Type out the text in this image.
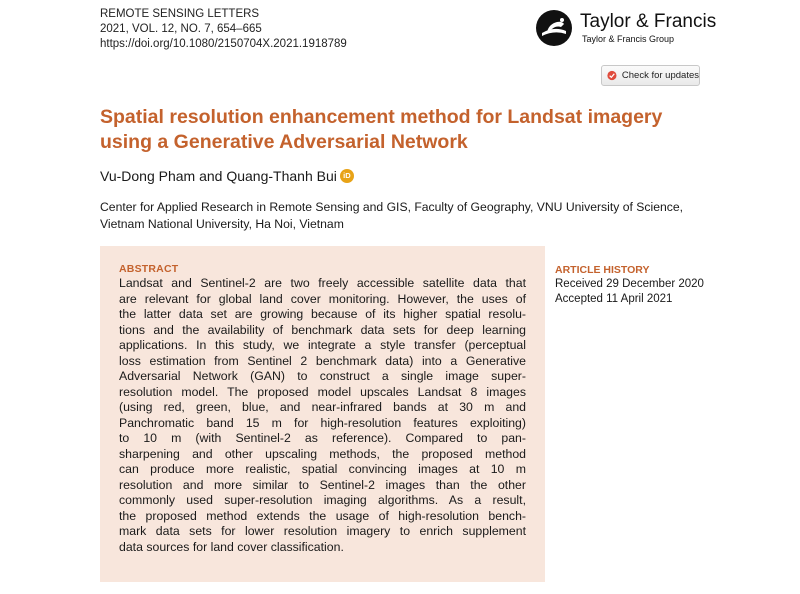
REMOTE SENSING LETTERS
2021, VOL. 12, NO. 7, 654–665
https://doi.org/10.1080/2150704X.2021.1918789
Taylor & Francis
Taylor & Francis Group
Check for updates
Spatial resolution enhancement method for Landsat imagery
using a Generative Adversarial Network
Vu-Dong Pham and Quang-Thanh Bui iD
Center for Applied Research in Remote Sensing and GIS, Faculty of Geography, VNU University of Science,
Vietnam National University, Ha Noi, Vietnam
ABSTRACT
Landsat and Sentinel-2 are two freely accessible satellite data that
are relevant for global land cover monitoring. However, the uses of
the latter data set are growing because of its higher spatial resolu-
tions and the availability of benchmark data sets for deep learning
applications. In this study, we integrate a style transfer (perceptual
loss estimation from Sentinel 2 benchmark data) into a Generative
Adversarial Network (GAN) to construct a single image super-
resolution model. The proposed model upscales Landsat 8 images
(using red, green, blue, and near-infrared bands at 30 m and
Panchromatic band 15 m for high-resolution features exploiting)
to 10 m (with Sentinel-2 as reference). Compared to pan-
sharpening and other upscaling methods, the proposed method
can produce more realistic, spatial convincing images at 10 m
resolution and more similar to Sentinel-2 images than the other
commonly used super-resolution imaging algorithms. As a result,
the proposed method extends the usage of high-resolution bench-
mark data sets for lower resolution imagery to enrich supplement
data sources for land cover classification.
ARTICLE HISTORY
Received 29 December 2020
Accepted 11 April 2021
